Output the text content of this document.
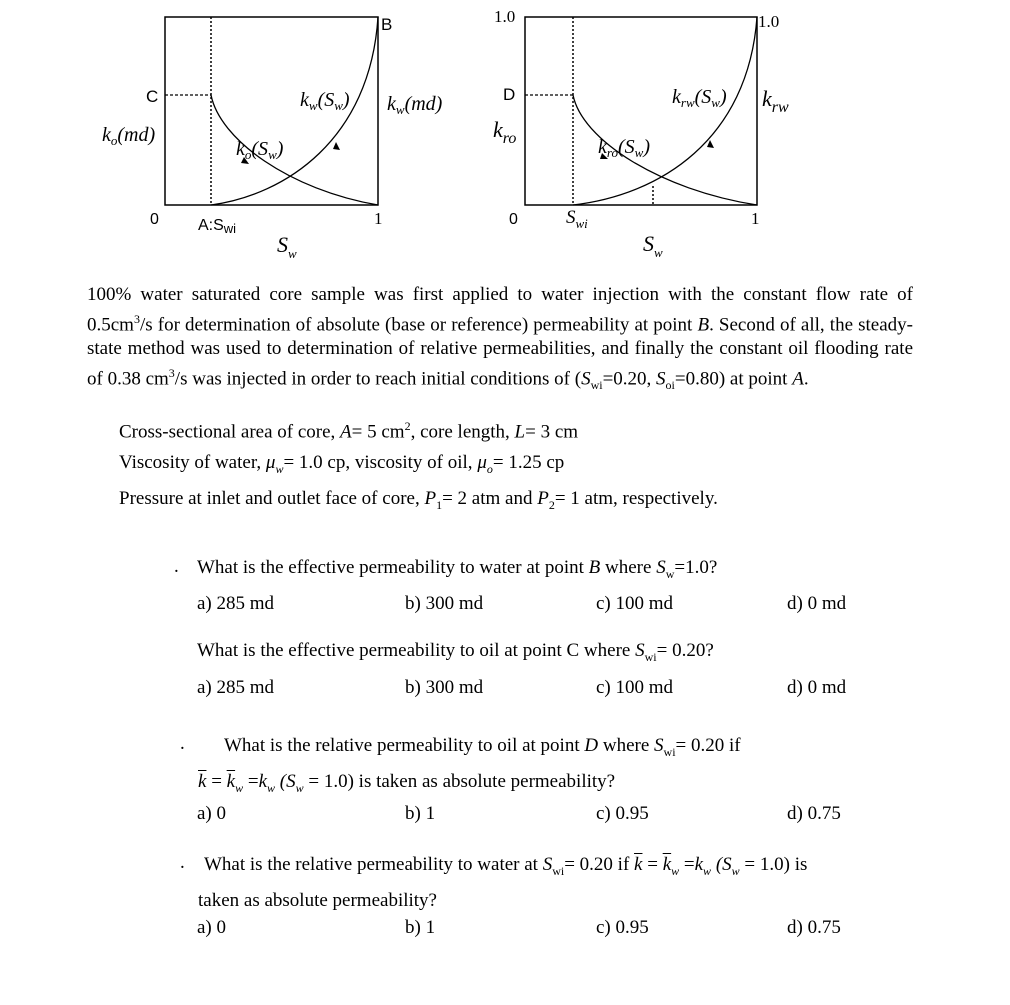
B
C
0	1
A:Swi
$k_o(md)$
$k_w(md)$
$S_w$
$k_w(S_w)$
$k_o(S_w)$
1.0	1.0
D
0	1
$S_{wi}$
$k_{ro}$
$k_{rw}$
$S_w$
$k_{rw}(S_w)$
$k_{ro}(S_w)$
100% water saturated core sample was first applied to water injection with the constant flow rate of $0.5cm^3/s$ for determination of absolute (base or reference) permeability at point B. Second of all, the steady-state method was used to determination of relative permeabilities, and finally the constant oil flooding rate of 0.38 $cm^3/s$ was injected in order to reach initial conditions of ($S_{wi}=0.20$, $S_{oi}=0.80$) at point A.
Cross-sectional area of core, A= 5 $cm^2$, core length, L= 3 cm
Viscosity of water, $\mu_w= 1.0$ cp, viscosity of oil, $\mu_o= 1.25$ cp
Pressure at inlet and outlet face of core, $P_1= 2$ atm and $P_2= 1$ atm, respectively.
. What is the effective permeability to water at point B where $S_w=1.0$?
a) 285 md	b) 300 md	c) 100 md	d) 0 md
What is the effective permeability to oil at point C where $S_{wi}= 0.20$?
a) 285 md	b) 300 md	c) 100 md	d) 0 md
.	What is the relative permeability to oil at point D where $S_{wi}= 0.20$ if
$\overline{k} = \overline{k}_w =k_w$ $(S_w = 1.0)$ is taken as absolute permeability?
a) 0	b) 1	c) 0.95	d) 0.75
.	What is the relative permeability to water at $S_{wi}= 0.20$ if $\overline{k} = \overline{k}_w =k_w$ $(S_w = 1.0)$ is
taken as absolute permeability?
a) 0	b) 1	c) 0.95	d) 0.75
